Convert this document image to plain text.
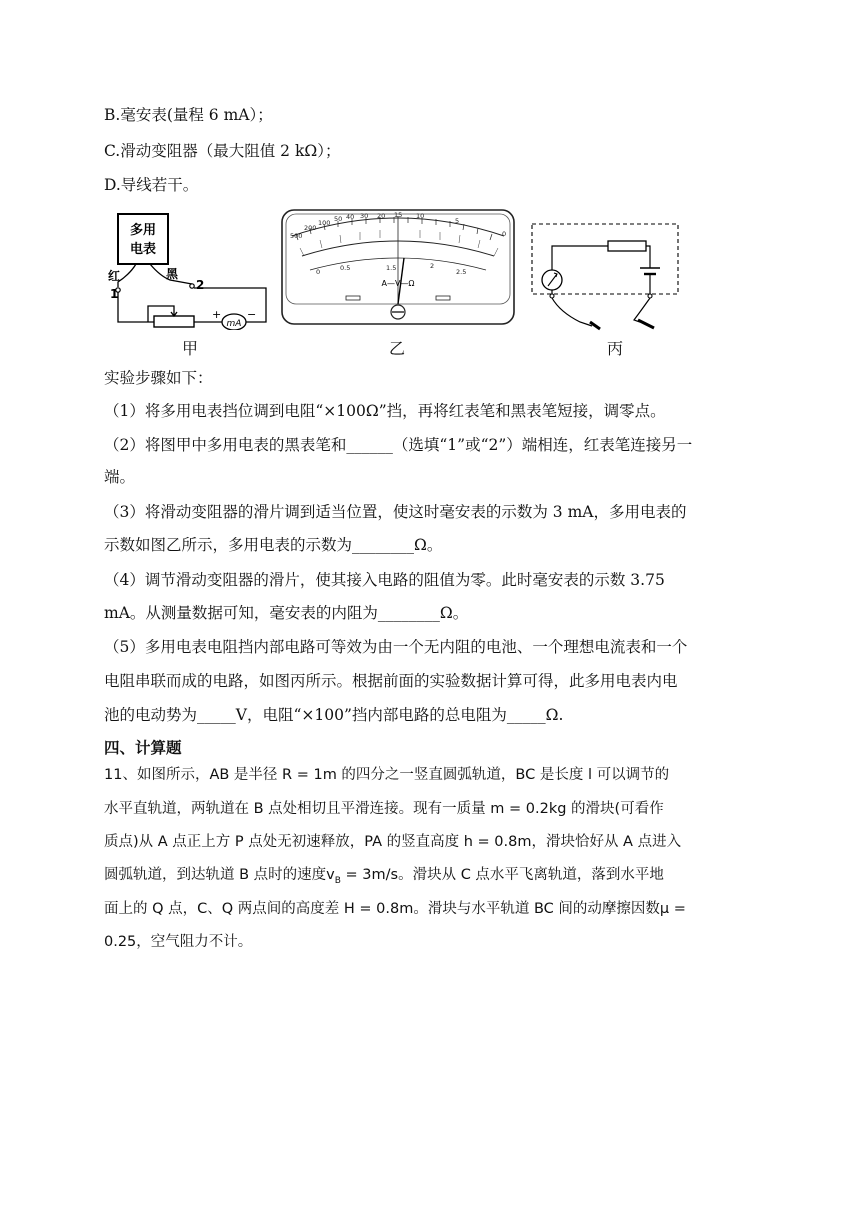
B.毫安表(量程 6 mA）；
C.滑动变阻器（最大阻值 2 kΩ）；
D.导线若干。
多用
电表
红	黑
1
2
mA
+ −
500
200
100 50 40 30 20 15 10
5
0
0	0.5	1.5	2
2.5
A—V—Ω
甲	乙	丙
实验步骤如下：
（1）将多用电表挡位调到电阻“×100Ω”挡，再将红表笔和黑表笔短接，调零点。
（2）将图甲中多用电表的黑表笔和______（选填“1”或“2”）端相连，红表笔连接另一
端。
（3）将滑动变阻器的滑片调到适当位置，使这时毫安表的示数为 3 mA，多用电表的
示数如图乙所示，多用电表的示数为________Ω。
（4）调节滑动变阻器的滑片，使其接入电路的阻值为零。此时毫安表的示数 3.75
mA。从测量数据可知，毫安表的内阻为________Ω。
（5）多用电表电阻挡内部电路可等效为由一个无内阻的电池、一个理想电流表和一个
电阻串联而成的电路，如图丙所示。根据前面的实验数据计算可得，此多用电表内电
池的电动势为_____V，电阻“×100”挡内部电路的总电阻为_____Ω.
四、计算题
11、如图所示，AB 是半径 R = 1m 的四分之一竖直圆弧轨道，BC 是长度 l 可以调节的
水平直轨道，两轨道在 B 点处相切且平滑连接。现有一质量 m = 0.2kg 的滑块(可看作
质点)从 A 点正上方 P 点处无初速释放，PA 的竖直高度 h = 0.8m，滑块恰好从 A 点进入
圆弧轨道，到达轨道 B 点时的速度$v_B = 3m/s$。滑块从 C 点水平飞离轨道，落到水平地
面上的 Q 点，C、Q 两点间的高度差 H = 0.8m。滑块与水平轨道 BC 间的动摩擦因数μ =
0.25，空气阻力不计。
